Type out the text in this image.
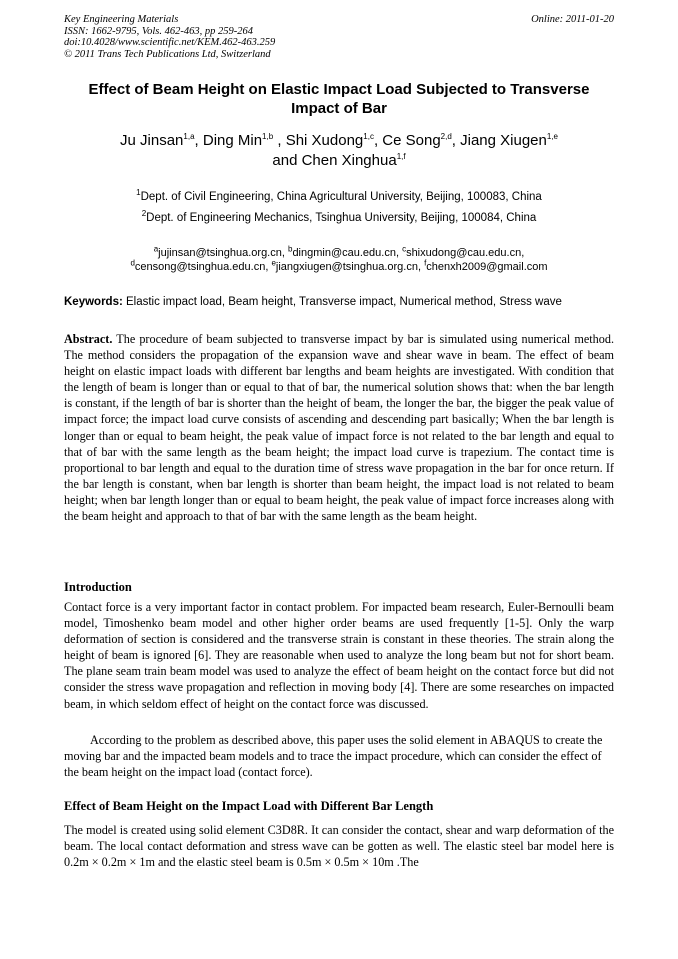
Key Engineering Materials
ISSN: 1662-9795, Vols. 462-463, pp 259-264
doi:10.4028/www.scientific.net/KEM.462-463.259
© 2011 Trans Tech Publications Ltd, Switzerland
Online: 2011-01-20
Effect of Beam Height on Elastic Impact Load Subjected to Transverse
Impact of Bar
Ju Jinsan$^{1,a}$, Ding Min$^{1,b}$ , Shi Xudong$^{1,c}$, Ce Song$^{2,d}$, Jiang Xiugen$^{1,e}$
and Chen Xinghua$^{1,f}$
$^1$Dept. of Civil Engineering, China Agricultural University, Beijing, 100083, China
$^2$Dept. of Engineering Mechanics, Tsinghua University, Beijing, 100084, China
$^a$jujinsan@tsinghua.org.cn, $^b$dingmin@cau.edu.cn, $^c$shixudong@cau.edu.cn,
$^d$censong@tsinghua.edu.cn, $^e$jiangxiugen@tsinghua.org.cn, $^f$chenxh2009@gmail.com
Keywords: Elastic impact load, Beam height, Transverse impact, Numerical method, Stress wave
Abstract. The procedure of beam subjected to transverse impact by bar is simulated using numerical method. The method considers the propagation of the expansion wave and shear wave in beam. The effect of beam height on elastic impact loads with different bar lengths and beam heights are investigated. With condition that the length of beam is longer than or equal to that of bar, the numerical solution shows that: when the bar length is constant, if the length of bar is shorter than the height of beam, the longer the bar, the bigger the peak value of impact force; the impact load curve consists of ascending and descending part basically; When the bar length is longer than or equal to beam height, the peak value of impact force is not related to the bar length and equal to that of bar with the same length as the beam height; the impact load curve is trapezium. The contact time is proportional to bar length and equal to the duration time of stress wave propagation in the bar for once return. If the bar length is constant, when bar length is shorter than beam height, the impact load is not related to beam height; when bar length longer than or equal to beam height, the peak value of impact force increases along with the beam height and approach to that of bar with the same length as the beam height.
Introduction
Contact force is a very important factor in contact problem. For impacted beam research, Euler-Bernoulli beam model, Timoshenko beam model and other higher order beams are used frequently [1-5]. Only the warp deformation of section is considered and the transverse strain is constant in these theories. The strain along the height of beam is ignored [6]. They are reasonable when used to analyze the long beam but not for short beam. The plane seam train beam model was used to analyze the effect of beam height on the contact force but did not consider the stress wave propagation and reflection in moving body [4]. There are some researches on impacted beam, in which seldom effect of height on the contact force was discussed.
According to the problem as described above, this paper uses the solid element in ABAQUS to create the moving bar and the impacted beam models and to trace the impact procedure, which can consider the effect of the beam height on the impact load (contact force).
Effect of Beam Height on the Impact Load with Different Bar Length
The model is created using solid element C3D8R. It can consider the contact, shear and warp deformation of the beam. The local contact deformation and stress wave can be gotten as well. The elastic steel bar model here is 0.2m × 0.2m × 1m and the elastic steel beam is 0.5m × 0.5m × 10m .The
